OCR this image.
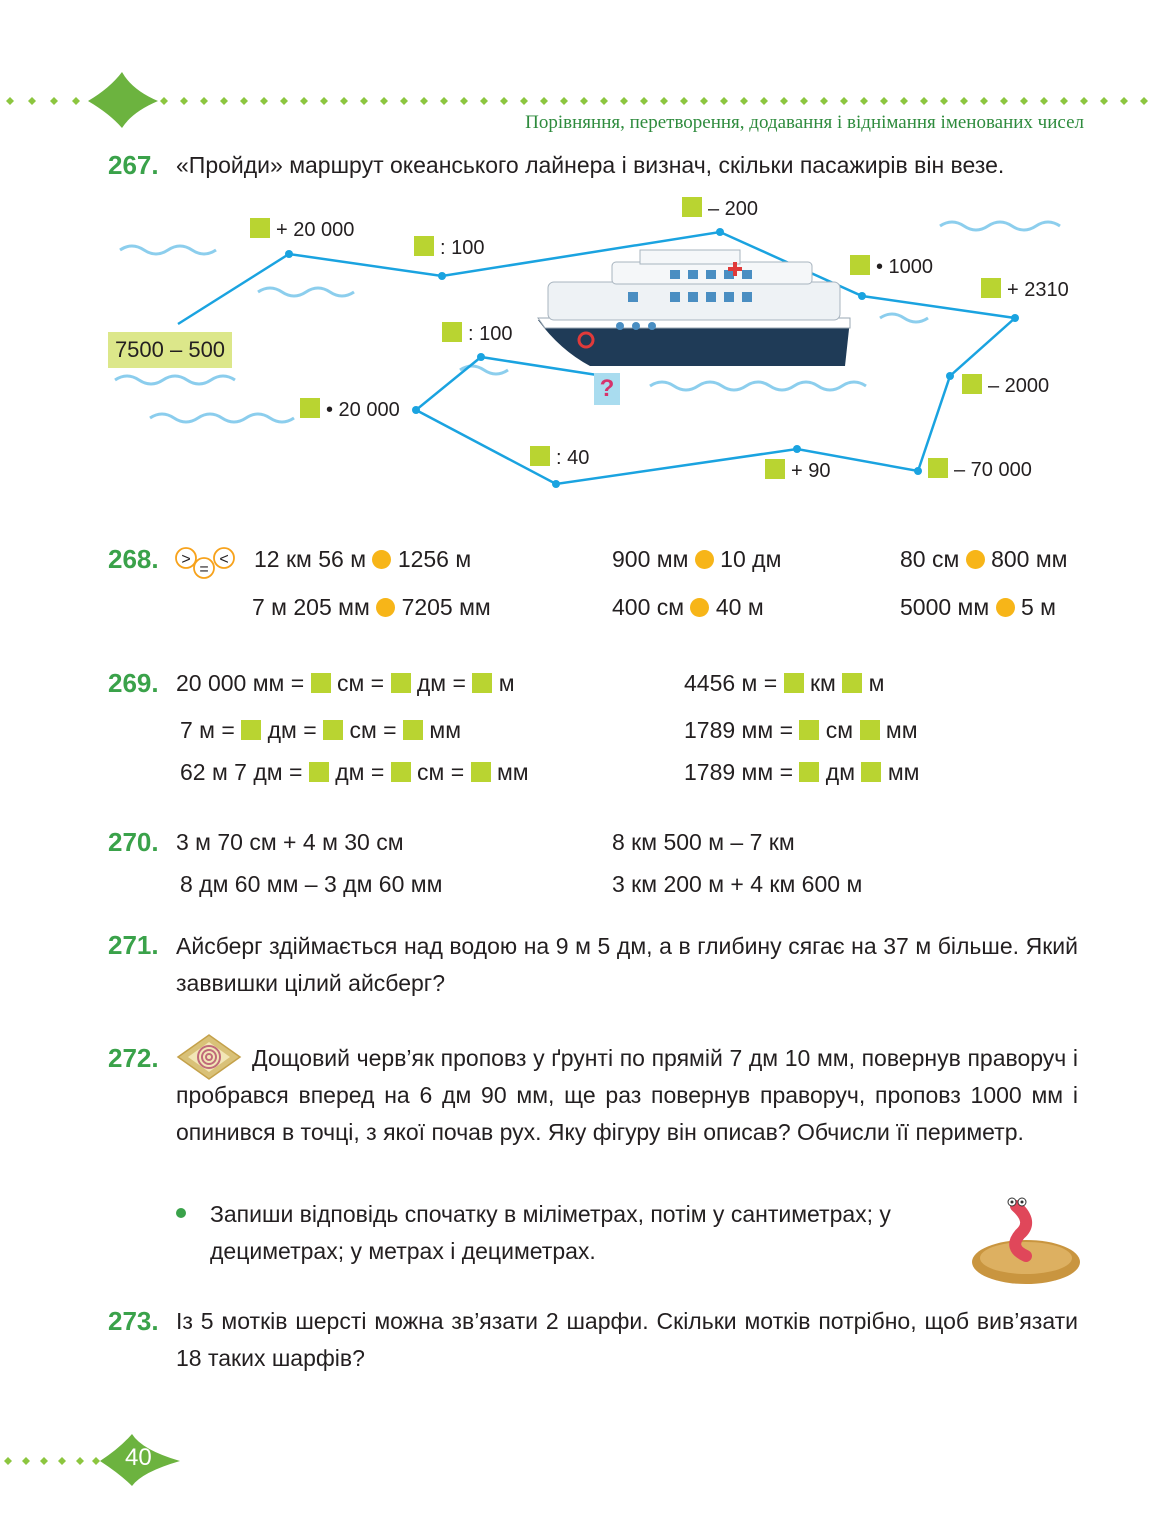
Порівняння, перетворення, додавання і віднімання іменованих чисел
267. «Пройди» маршрут океанського лайнера і визнач, скільки пасажирів він везе.
7500 – 500
?
: 100
• 20 000
: 40
+ 90	– 70 000
– 2000
+ 2310
• 1000
– 200
: 100
+ 20 000
268. >
=
< 12 км 56 м 1256 м	900 мм 10 дм	80 см 800 мм
7 м 205 мм 7205 мм	400 см 40 м	5000 мм 5 м
269. 20 000 мм = см = дм = м
7 м = дм = см = мм
62 м 7 дм = дм = см = мм
4456 м = км м
1789 мм = см мм
1789 мм = дм мм
270. 3 м 70 см + 4 м 30 см	8 км 500 м – 7 км
8 дм 60 мм – 3 дм 60 мм	3 км 200 м + 4 км 600 м
271. Айсберг здіймається над водою на 9 м 5 дм, а в глибину сягає на 37 м більше. Який заввишки цілий айсберг?
272.	Дощовий черв’як проповз у ґрунті по прямій 7 дм 10 мм, повернув праворуч і пробрався вперед на 6 дм 90 мм, ще раз повернув праворуч, проповз 1000 мм і опинився в точці, з якої почав рух. Яку фігуру він описав? Обчисли її периметр.
Запиши відповідь спочатку в міліметрах, потім у сантиметрах; у дециметрах; у метрах і дециметрах.
273. Із 5 мотків шерсті можна зв’язати 2 шарфи. Скільки мотків потрібно, щоб вив’язати 18 таких шарфів?
40
